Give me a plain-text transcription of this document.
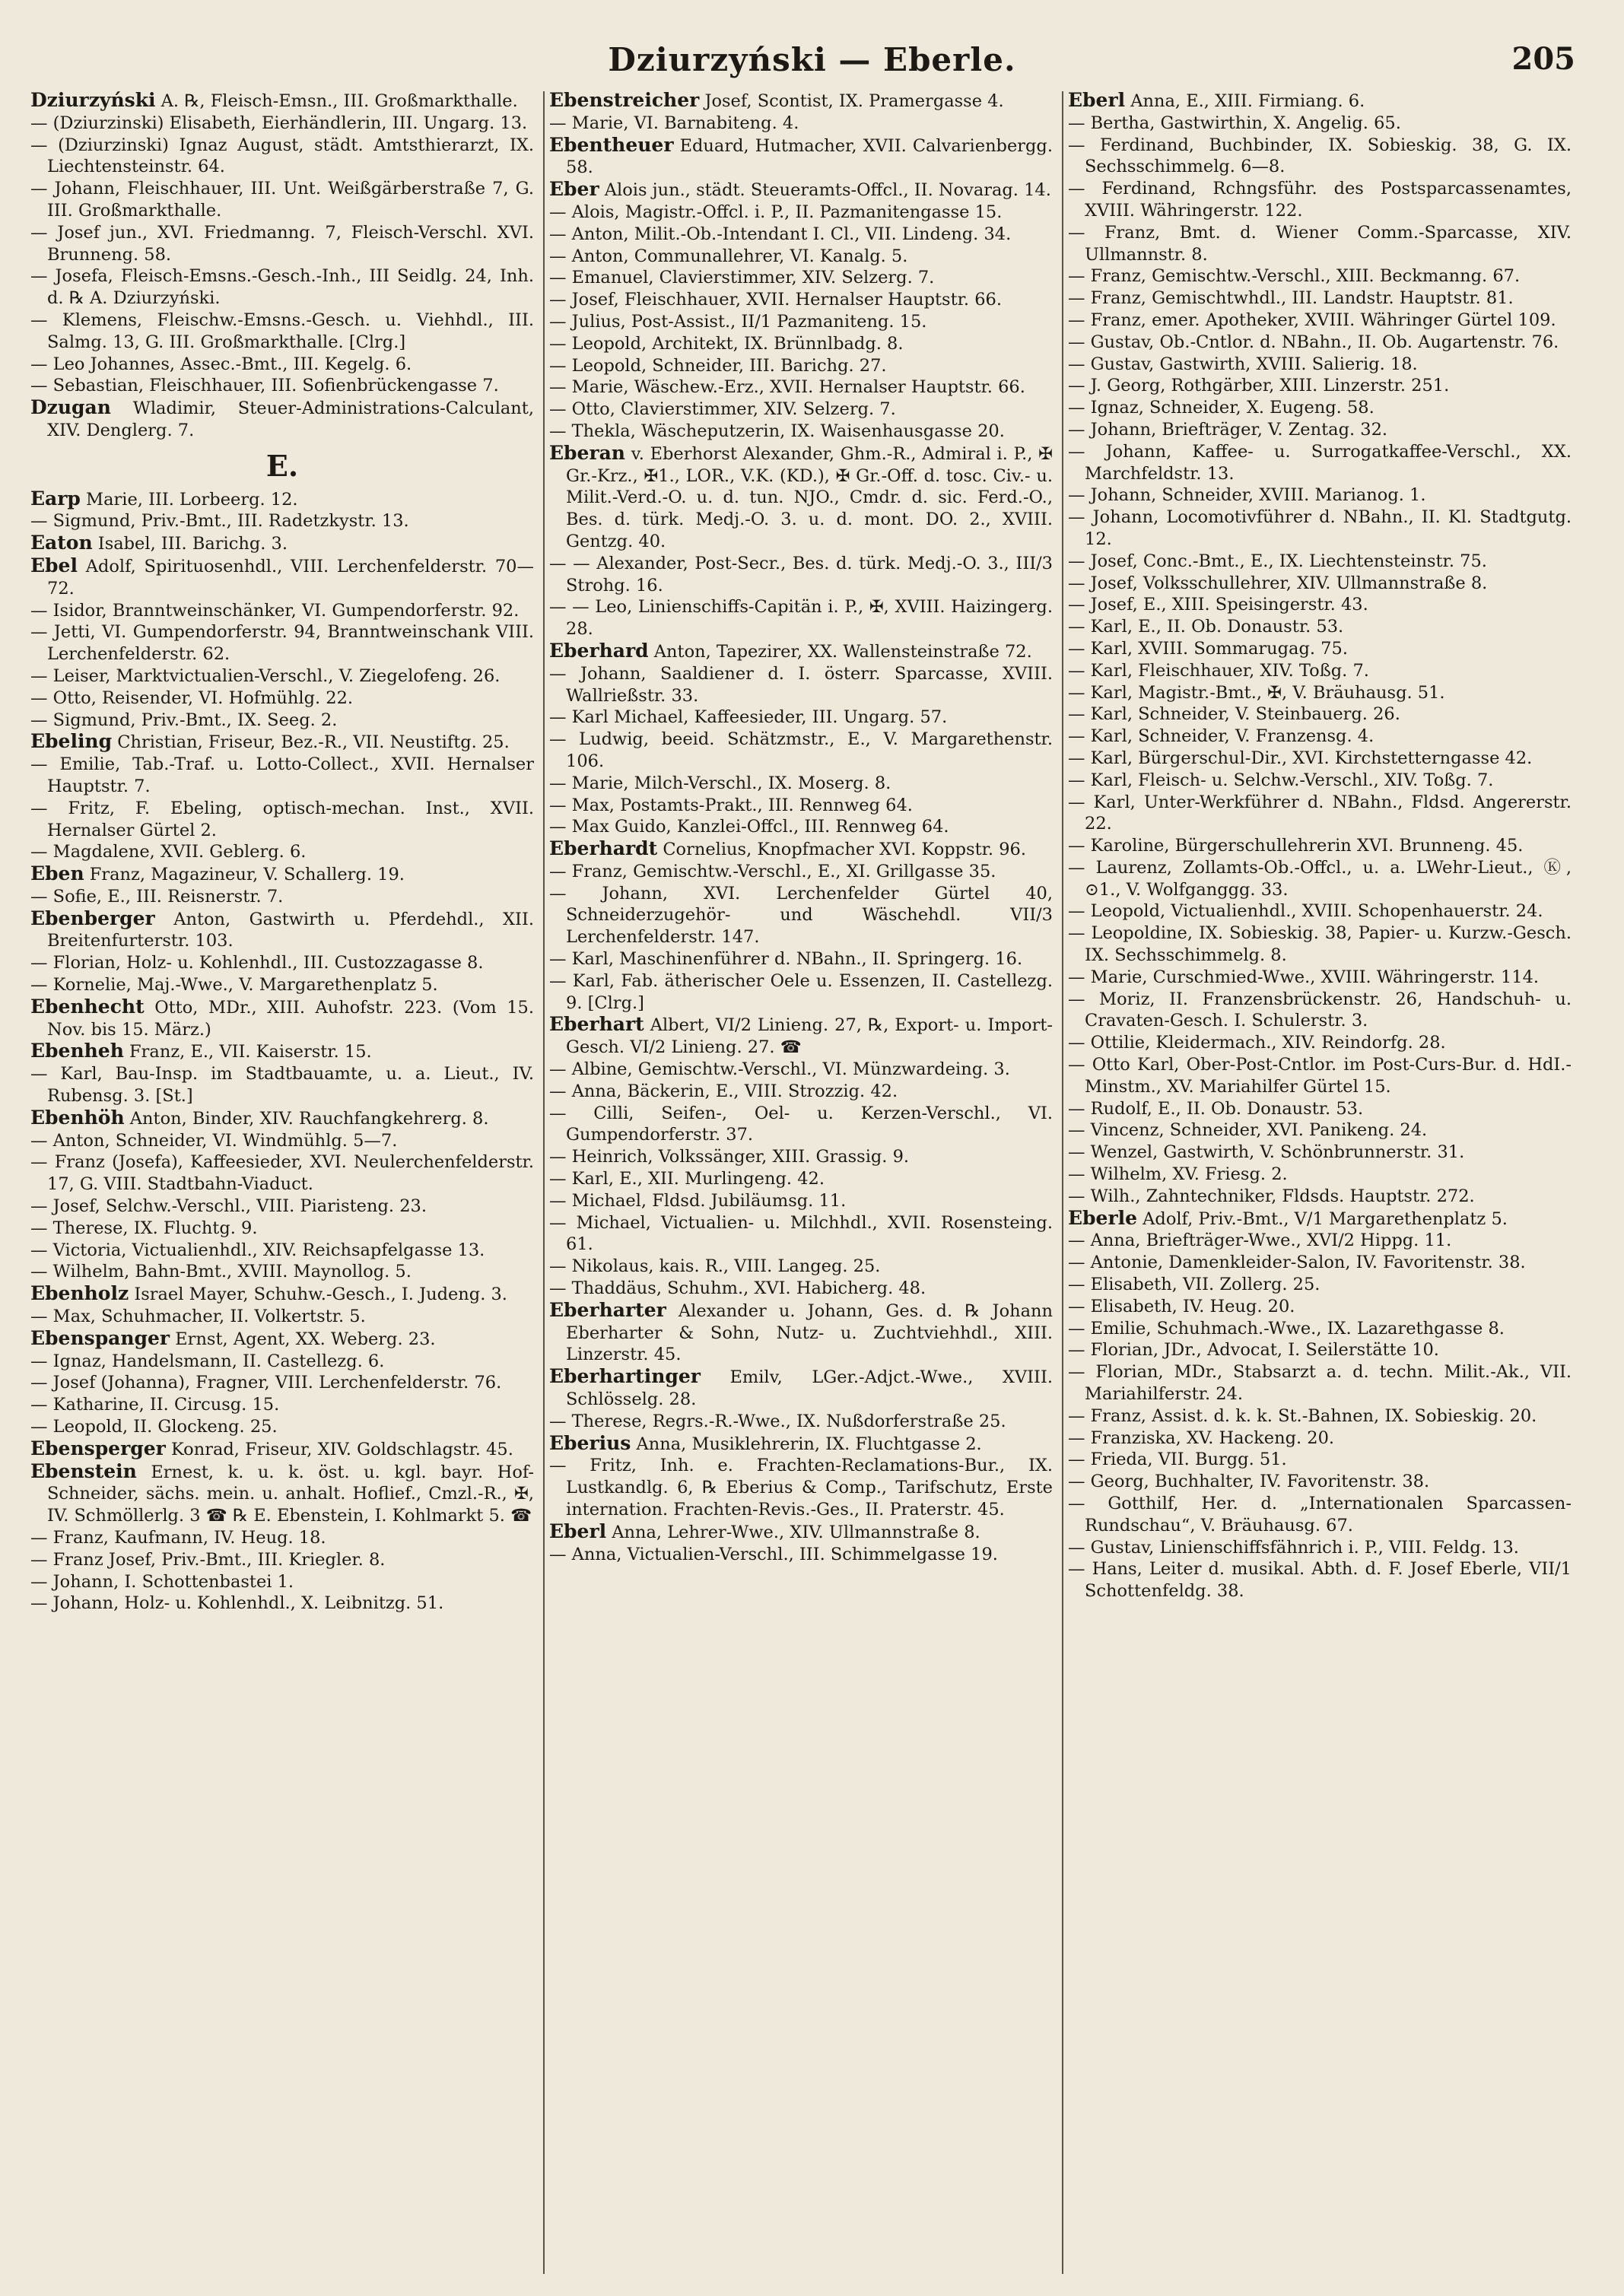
Dziurzyński — Eberle.	205

Dziurzyński A. ℞, Fleisch-Emsn., III. Großmarkthalle.

— (Dziurzinski) Elisabeth, Eierhändlerin, III. Ungarg. 13.

— (Dziurzinski) Ignaz August, städt. Amtsthierarzt, IX. Liechtensteinstr. 64.

— Johann, Fleischhauer, III. Unt. Weißgärberstraße 7, G. III. Großmarkthalle.

— Josef jun., XVI. Friedmanng. 7, Fleisch-Verschl. XVI. Brunneng. 58.

— Josefa, Fleisch-Emsns.-Gesch.-Inh., III Seidlg. 24, Inh. d. ℞ A. Dziurzyński.

— Klemens, Fleischw.-Emsns.-Gesch. u. Viehhdl., III. Salmg. 13, G. III. Großmarkthalle. [Clrg.]

— Leo Johannes, Assec.-Bmt., III. Kegelg. 6.

— Sebastian, Fleischhauer, III. Sofienbrückengasse 7.

Dzugan Wladimir, Steuer-Administrations-Calculant, XIV. Denglerg. 7.

E.

Earp Marie, III. Lorbeerg. 12.

— Sigmund, Priv.-Bmt., III. Radetzkystr. 13.

Eaton Isabel, III. Barichg. 3.

Ebel Adolf, Spirituosenhdl., VIII. Lerchenfelderstr. 70—72.

— Isidor, Branntweinschänker, VI. Gumpendorferstr. 92.

— Jetti, VI. Gumpendorferstr. 94, Branntweinschank VIII. Lerchenfelderstr. 62.

— Leiser, Marktvictualien-Verschl., V. Ziegelofeng. 26.

— Otto, Reisender, VI. Hofmühlg. 22.

— Sigmund, Priv.-Bmt., IX. Seeg. 2.

Ebeling Christian, Friseur, Bez.-R., VII. Neustiftg. 25.

— Emilie, Tab.-Traf. u. Lotto-Collect., XVII. Hernalser Hauptstr. 7.

— Fritz, F. Ebeling, optisch-mechan. Inst., XVII. Hernalser Gürtel 2.

— Magdalene, XVII. Geblerg. 6.

Eben Franz, Magazineur, V. Schallerg. 19.

— Sofie, E., III. Reisnerstr. 7.

Ebenberger Anton, Gastwirth u. Pferdehdl., XII. Breitenfurterstr. 103.

— Florian, Holz- u. Kohlenhdl., III. Custozzagasse 8.

— Kornelie, Maj.-Wwe., V. Margarethenplatz 5.

Ebenhecht Otto, MDr., XIII. Auhofstr. 223. (Vom 15. Nov. bis 15. März.)

Ebenheh Franz, E., VII. Kaiserstr. 15.

— Karl, Bau-Insp. im Stadtbauamte, u. a. Lieut., IV. Rubensg. 3. [St.]

Ebenhöh Anton, Binder, XIV. Rauchfangkehrerg. 8.

— Anton, Schneider, VI. Windmühlg. 5—7.

— Franz (Josefa), Kaffeesieder, XVI. Neulerchenfelderstr. 17, G. VIII. Stadtbahn-Viaduct.

— Josef, Selchw.-Verschl., VIII. Piaristeng. 23.

— Therese, IX. Fluchtg. 9.

— Victoria, Victualienhdl., XIV. Reichsapfelgasse 13.

— Wilhelm, Bahn-Bmt., XVIII. Maynollog. 5.

Ebenholz Israel Mayer, Schuhw.-Gesch., I. Judeng. 3.

— Max, Schuhmacher, II. Volkertstr. 5.

Ebenspanger Ernst, Agent, XX. Weberg. 23.

— Ignaz, Handelsmann, II. Castellezg. 6.

— Josef (Johanna), Fragner, VIII. Lerchenfelderstr. 76.

— Katharine, II. Circusg. 15.

— Leopold, II. Glockeng. 25.

Ebensperger Konrad, Friseur, XIV. Goldschlagstr. 45.

Ebenstein Ernest, k. u. k. öst. u. kgl. bayr. Hof-Schneider, sächs. mein. u. anhalt. Hoflief., Cmzl.-R., ✠, IV. Schmöllerlg. 3 ☎ ℞ E. Ebenstein, I. Kohlmarkt 5. ☎

— Franz, Kaufmann, IV. Heug. 18.

— Franz Josef, Priv.-Bmt., III. Kriegler. 8.

— Johann, I. Schottenbastei 1.

— Johann, Holz- u. Kohlenhdl., X. Leibnitzg. 51.

Ebenstreicher Josef, Scontist, IX. Pramergasse 4.

— Marie, VI. Barnabiteng. 4.

Ebentheuer Eduard, Hutmacher, XVII. Calvarienbergg. 58.

Eber Alois jun., städt. Steueramts-Offcl., II. Novarag. 14.

— Alois, Magistr.-Offcl. i. P., II. Pazmanitengasse 15.

— Anton, Milit.-Ob.-Intendant I. Cl., VII. Lindeng. 34.

— Anton, Communallehrer, VI. Kanalg. 5.

— Emanuel, Clavierstimmer, XIV. Selzerg. 7.

— Josef, Fleischhauer, XVII. Hernalser Hauptstr. 66.

— Julius, Post-Assist., II/1 Pazmaniteng. 15.

— Leopold, Architekt, IX. Brünnlbadg. 8.

— Leopold, Schneider, III. Barichg. 27.

— Marie, Wäschew.-Erz., XVII. Hernalser Hauptstr. 66.

— Otto, Clavierstimmer, XIV. Selzerg. 7.

— Thekla, Wäscheputzerin, IX. Waisenhausgasse 20.

Eberan v. Eberhorst Alexander, Ghm.-R., Admiral i. P., ✠ Gr.-Krz., ✠1., LOR., V.K. (KD.), ✠ Gr.-Off. d. tosc. Civ.- u. Milit.-Verd.-O. u. d. tun. NJO., Cmdr. d. sic. Ferd.-O., Bes. d. türk. Medj.-O. 3. u. d. mont. DO. 2., XVIII. Gentzg. 40.

— — Alexander, Post-Secr., Bes. d. türk. Medj.-O. 3., III/3 Strohg. 16.

— — Leo, Linienschiffs-Capitän i. P., ✠, XVIII. Haizingerg. 28.

Eberhard Anton, Tapezirer, XX. Wallensteinstraße 72.

— Johann, Saaldiener d. I. österr. Sparcasse, XVIII. Wallrießstr. 33.

— Karl Michael, Kaffeesieder, III. Ungarg. 57.

— Ludwig, beeid. Schätzmstr., E., V. Margarethenstr. 106.

— Marie, Milch-Verschl., IX. Moserg. 8.

— Max, Postamts-Prakt., III. Rennweg 64.

— Max Guido, Kanzlei-Offcl., III. Rennweg 64.

Eberhardt Cornelius, Knopfmacher XVI. Koppstr. 96.

— Franz, Gemischtw.-Verschl., E., XI. Grillgasse 35.

— Johann, XVI. Lerchenfelder Gürtel 40, Schneiderzugehör- und Wäschehdl. VII/3 Lerchenfelderstr. 147.

— Karl, Maschinenführer d. NBahn., II. Springerg. 16.

— Karl, Fab. ätherischer Oele u. Essenzen, II. Castellezg. 9. [Clrg.]

Eberhart Albert, VI/2 Linieng. 27, ℞, Export- u. Import-Gesch. VI/2 Linieng. 27. ☎

— Albine, Gemischtw.-Verschl., VI. Münzwardeing. 3.

— Anna, Bäckerin, E., VIII. Strozzig. 42.

— Cilli, Seifen-, Oel- u. Kerzen-Verschl., VI. Gumpendorferstr. 37.

— Heinrich, Volkssänger, XIII. Grassig. 9.

— Karl, E., XII. Murlingeng. 42.

— Michael, Fldsd. Jubiläumsg. 11.

— Michael, Victualien- u. Milchhdl., XVII. Rosensteing. 61.

— Nikolaus, kais. R., VIII. Langeg. 25.

— Thaddäus, Schuhm., XVI. Habicherg. 48.

Eberharter Alexander u. Johann, Ges. d. ℞ Johann Eberharter & Sohn, Nutz- u. Zuchtviehhdl., XIII. Linzerstr. 45.

Eberhartinger Emilv, LGer.-Adjct.-Wwe., XVIII. Schlösselg. 28.

— Therese, Regrs.-R.-Wwe., IX. Nußdorferstraße 25.

Eberius Anna, Musiklehrerin, IX. Fluchtgasse 2.

— Fritz, Inh. e. Frachten-Reclamations-Bur., IX. Lustkandlg. 6, ℞ Eberius & Comp., Tarifschutz, Erste internation. Frachten-Revis.-Ges., II. Praterstr. 45.

Eberl Anna, Lehrer-Wwe., XIV. Ullmannstraße 8.

— Anna, Victualien-Verschl., III. Schimmelgasse 19.

Eberl Anna, E., XIII. Firmiang. 6.

— Bertha, Gastwirthin, X. Angelig. 65.

— Ferdinand, Buchbinder, IX. Sobieskig. 38, G. IX. Sechsschimmelg. 6—8.

— Ferdinand, Rchngsführ. des Postsparcassenamtes, XVIII. Währingerstr. 122.

— Franz, Bmt. d. Wiener Comm.-Sparcasse, XIV. Ullmannstr. 8.

— Franz, Gemischtw.-Verschl., XIII. Beckmanng. 67.

— Franz, Gemischtwhdl., III. Landstr. Hauptstr. 81.

— Franz, emer. Apotheker, XVIII. Währinger Gürtel 109.

— Gustav, Ob.-Cntlor. d. NBahn., II. Ob. Augartenstr. 76.

— Gustav, Gastwirth, XVIII. Salierig. 18.

— J. Georg, Rothgärber, XIII. Linzerstr. 251.

— Ignaz, Schneider, X. Eugeng. 58.

— Johann, Briefträger, V. Zentag. 32.

— Johann, Kaffee- u. Surrogatkaffee-Verschl., XX. Marchfeldstr. 13.

— Johann, Schneider, XVIII. Marianog. 1.

— Johann, Locomotivführer d. NBahn., II. Kl. Stadtgutg. 12.

— Josef, Conc.-Bmt., E., IX. Liechtensteinstr. 75.

— Josef, Volksschullehrer, XIV. Ullmannstraße 8.

— Josef, E., XIII. Speisingerstr. 43.

— Karl, E., II. Ob. Donaustr. 53.

— Karl, XVIII. Sommarugag. 75.

— Karl, Fleischhauer, XIV. Toßg. 7.

— Karl, Magistr.-Bmt., ✠, V. Bräuhausg. 51.

— Karl, Schneider, V. Steinbauerg. 26.

— Karl, Schneider, V. Franzensg. 4.

— Karl, Bürgerschul-Dir., XVI. Kirchstetterngasse 42.

— Karl, Fleisch- u. Selchw.-Verschl., XIV. Toßg. 7.

— Karl, Unter-Werkführer d. NBahn., Fldsd. Angererstr. 22.

— Karoline, Bürgerschullehrerin XVI. Brunneng. 45.

— Laurenz, Zollamts-Ob.-Offcl., u. a. LWehr-Lieut., Ⓚ, ⊙1., V. Wolfganggg. 33.

— Leopold, Victualienhdl., XVIII. Schopenhauerstr. 24.

— Leopoldine, IX. Sobieskig. 38, Papier- u. Kurzw.-Gesch. IX. Sechsschimmelg. 8.

— Marie, Curschmied-Wwe., XVIII. Währingerstr. 114.

— Moriz, II. Franzensbrückenstr. 26, Handschuh- u. Cravaten-Gesch. I. Schulerstr. 3.

— Ottilie, Kleidermach., XIV. Reindorfg. 28.

— Otto Karl, Ober-Post-Cntlor. im Post-Curs-Bur. d. HdI.-Minstm., XV. Mariahilfer Gürtel 15.

— Rudolf, E., II. Ob. Donaustr. 53.

— Vincenz, Schneider, XVI. Panikeng. 24.

— Wenzel, Gastwirth, V. Schönbrunnerstr. 31.

— Wilhelm, XV. Friesg. 2.

— Wilh., Zahntechniker, Fldsds. Hauptstr. 272.

Eberle Adolf, Priv.-Bmt., V/1 Margarethenplatz 5.

— Anna, Briefträger-Wwe., XVI/2 Hippg. 11.

— Antonie, Damenkleider-Salon, IV. Favoritenstr. 38.

— Elisabeth, VII. Zollerg. 25.

— Elisabeth, IV. Heug. 20.

— Emilie, Schuhmach.-Wwe., IX. Lazarethgasse 8.

— Florian, JDr., Advocat, I. Seilerstätte 10.

— Florian, MDr., Stabsarzt a. d. techn. Milit.-Ak., VII. Mariahilferstr. 24.

— Franz, Assist. d. k. k. St.-Bahnen, IX. Sobieskig. 20.

— Franziska, XV. Hackeng. 20.

— Frieda, VII. Burgg. 51.

— Georg, Buchhalter, IV. Favoritenstr. 38.

— Gotthilf, Her. d. „Internationalen Sparcassen-Rundschau“, V. Bräuhausg. 67.

— Gustav, Linienschiffsfähnrich i. P., VIII. Feldg. 13.

— Hans, Leiter d. musikal. Abth. d. F. Josef Eberle, VII/1 Schottenfeldg. 38.
